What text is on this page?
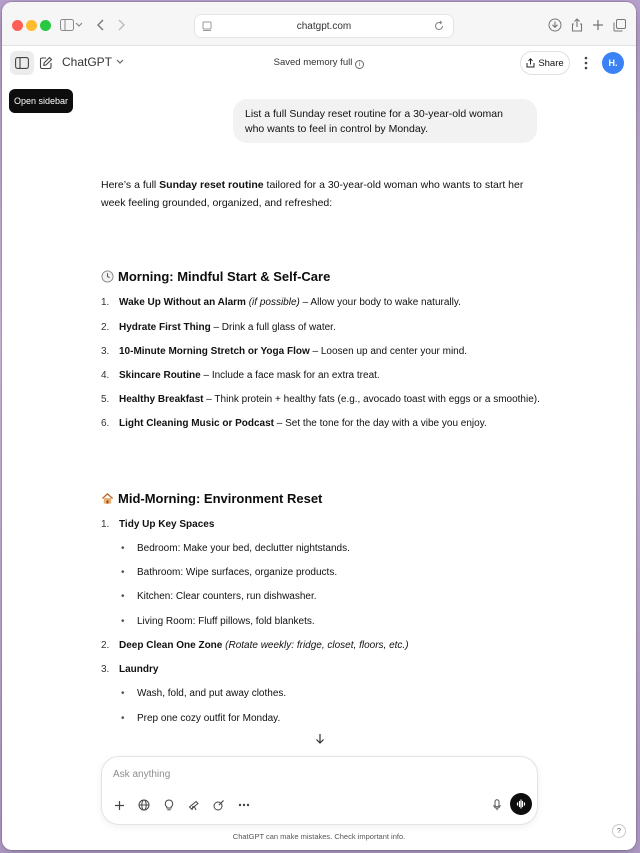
chatgpt.com
ChatGPT	Saved memory full i	Share	H.
Open sidebar
List a full Sunday reset routine for a 30-year-old woman who wants to feel in control by Monday.
Here’s a full Sunday reset routine tailored for a 30-year-old woman who wants to start her week feeling grounded, organized, and refreshed:
Morning: Mindful Start & Self-Care
1. Wake Up Without an Alarm (if possible) – Allow your body to wake naturally.
2. Hydrate First Thing – Drink a full glass of water.
3. 10-Minute Morning Stretch or Yoga Flow – Loosen up and center your mind.
4. Skincare Routine – Include a face mask for an extra treat.
5. Healthy Breakfast – Think protein + healthy fats (e.g., avocado toast with eggs or a smoothie).
6. Light Cleaning Music or Podcast – Set the tone for the day with a vibe you enjoy.
Mid-Morning: Environment Reset
1. Tidy Up Key Spaces
• Bedroom: Make your bed, declutter nightstands.
• Bathroom: Wipe surfaces, organize products.
• Kitchen: Clear counters, run dishwasher.
• Living Room: Fluff pillows, fold blankets.
2. Deep Clean One Zone (Rotate weekly: fridge, closet, floors, etc.)
3. Laundry
• Wash, fold, and put away clothes.
• Prep one cozy outfit for Monday.
Ask anything
ChatGPT can make mistakes. Check important info.
?
